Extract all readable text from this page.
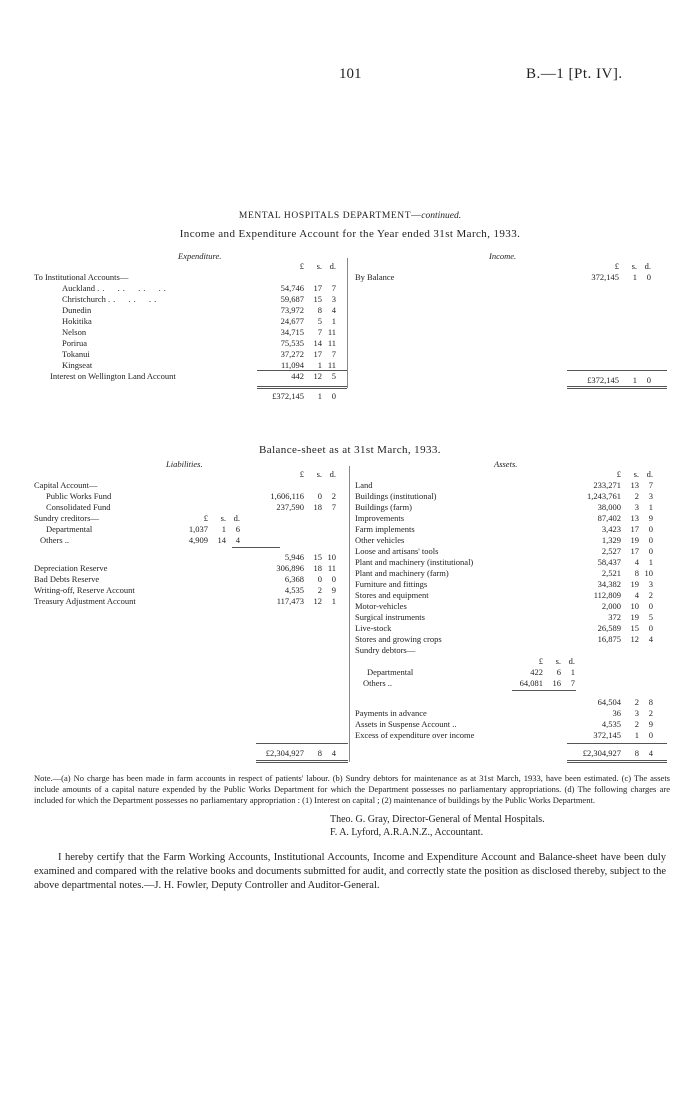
101	B.—1 [Pt. IV].
MENTAL HOSPITALS DEPARTMENT—continued.
Income and Expenditure Account for the Year ended 31st March, 1933.
Expenditure.	Income.
	£	s.	d.
To Institutional Accounts—			
Auckland ..  ..  ..  ..	54,746	17	7
Christchurch ..  ..  ..	59,687	15	3
Dunedin	73,972	8	4
Hokitika	24,677	5	1
Nelson	34,715	7	11
Porirua	75,535	14	11
Tokanui	37,272	17	7
Kingseat	11,094	1	11
Interest on Wellington Land Account	442	12	5

	£372,145	1	0
	£	s.	d.
By Balance	372,145	1	0
	£372,145	1	0
Balance-sheet as at 31st March, 1933.
Liabilities.	Assets.
		£	s.	d.
Capital Account—				
Public Works Fund		1,606,116	0	2
Consolidated Fund		237,590	18	7
Sundry creditors—				
		£	s.	d.
Departmental	1,037	1	6
Others ..	4,909	14	4
	5,946	15	10
Depreciation Reserve	306,896	18	11
Bad Debts Reserve	6,368	0	0
Writing-off, Reserve Account	4,535	2	9
Treasury Adjustment Account	117,473	12	1
	£2,304,927	8	4
	£	s.	d.
Land	233,271	13	7
Buildings (institutional)	1,243,761	2	3
Buildings (farm)	38,000	3	1
Improvements	87,402	13	9
Farm implements	3,423	17	0
Other vehicles	1,329	19	0
Loose and artisans' tools	2,527	17	0
Plant and machinery (institutional)	58,437	4	1
Plant and machinery (farm)	2,521	8	10
Furniture and fittings	34,382	19	3
Stores and equipment	112,809	4	2
Motor-vehicles	2,000	10	0
Surgical instruments	372	19	5
Live-stock	26,589	15	0
Stores and growing crops	16,875	12	4
Sundry debtors—			
	£	s.	d.
Departmental	422	6	1
Others ..	64,081	16	7
	64,504	2	8
Payments in advance	36	3	2
Assets in Suspense Account ..	4,535	2	9
Excess of expenditure over income	372,145	1	0
	£2,304,927	8	4
Note.—(a) No charge has been made in farm accounts in respect of patients' labour. (b) Sundry debtors for maintenance as at 31st March, 1933, have been estimated. (c) The assets include amounts of a capital nature expended by the Public Works Department for which the Department possesses no parliamentary appropriations. (d) The following charges are included for which the Department possesses no parliamentary appropriation : (1) Interest on capital ; (2) maintenance of buildings by the Public Works Department.
Theo. G. Gray, Director-General of Mental Hospitals.
F. A. Lyford, A.R.A.N.Z., Accountant.
I hereby certify that the Farm Working Accounts, Institutional Accounts, Income and Expenditure Account and Balance-sheet have been duly examined and compared with the relative books and documents submitted for audit, and correctly state the position as disclosed thereby, subject to the above departmental notes.—J. H. Fowler, Deputy Controller and Auditor-General.
